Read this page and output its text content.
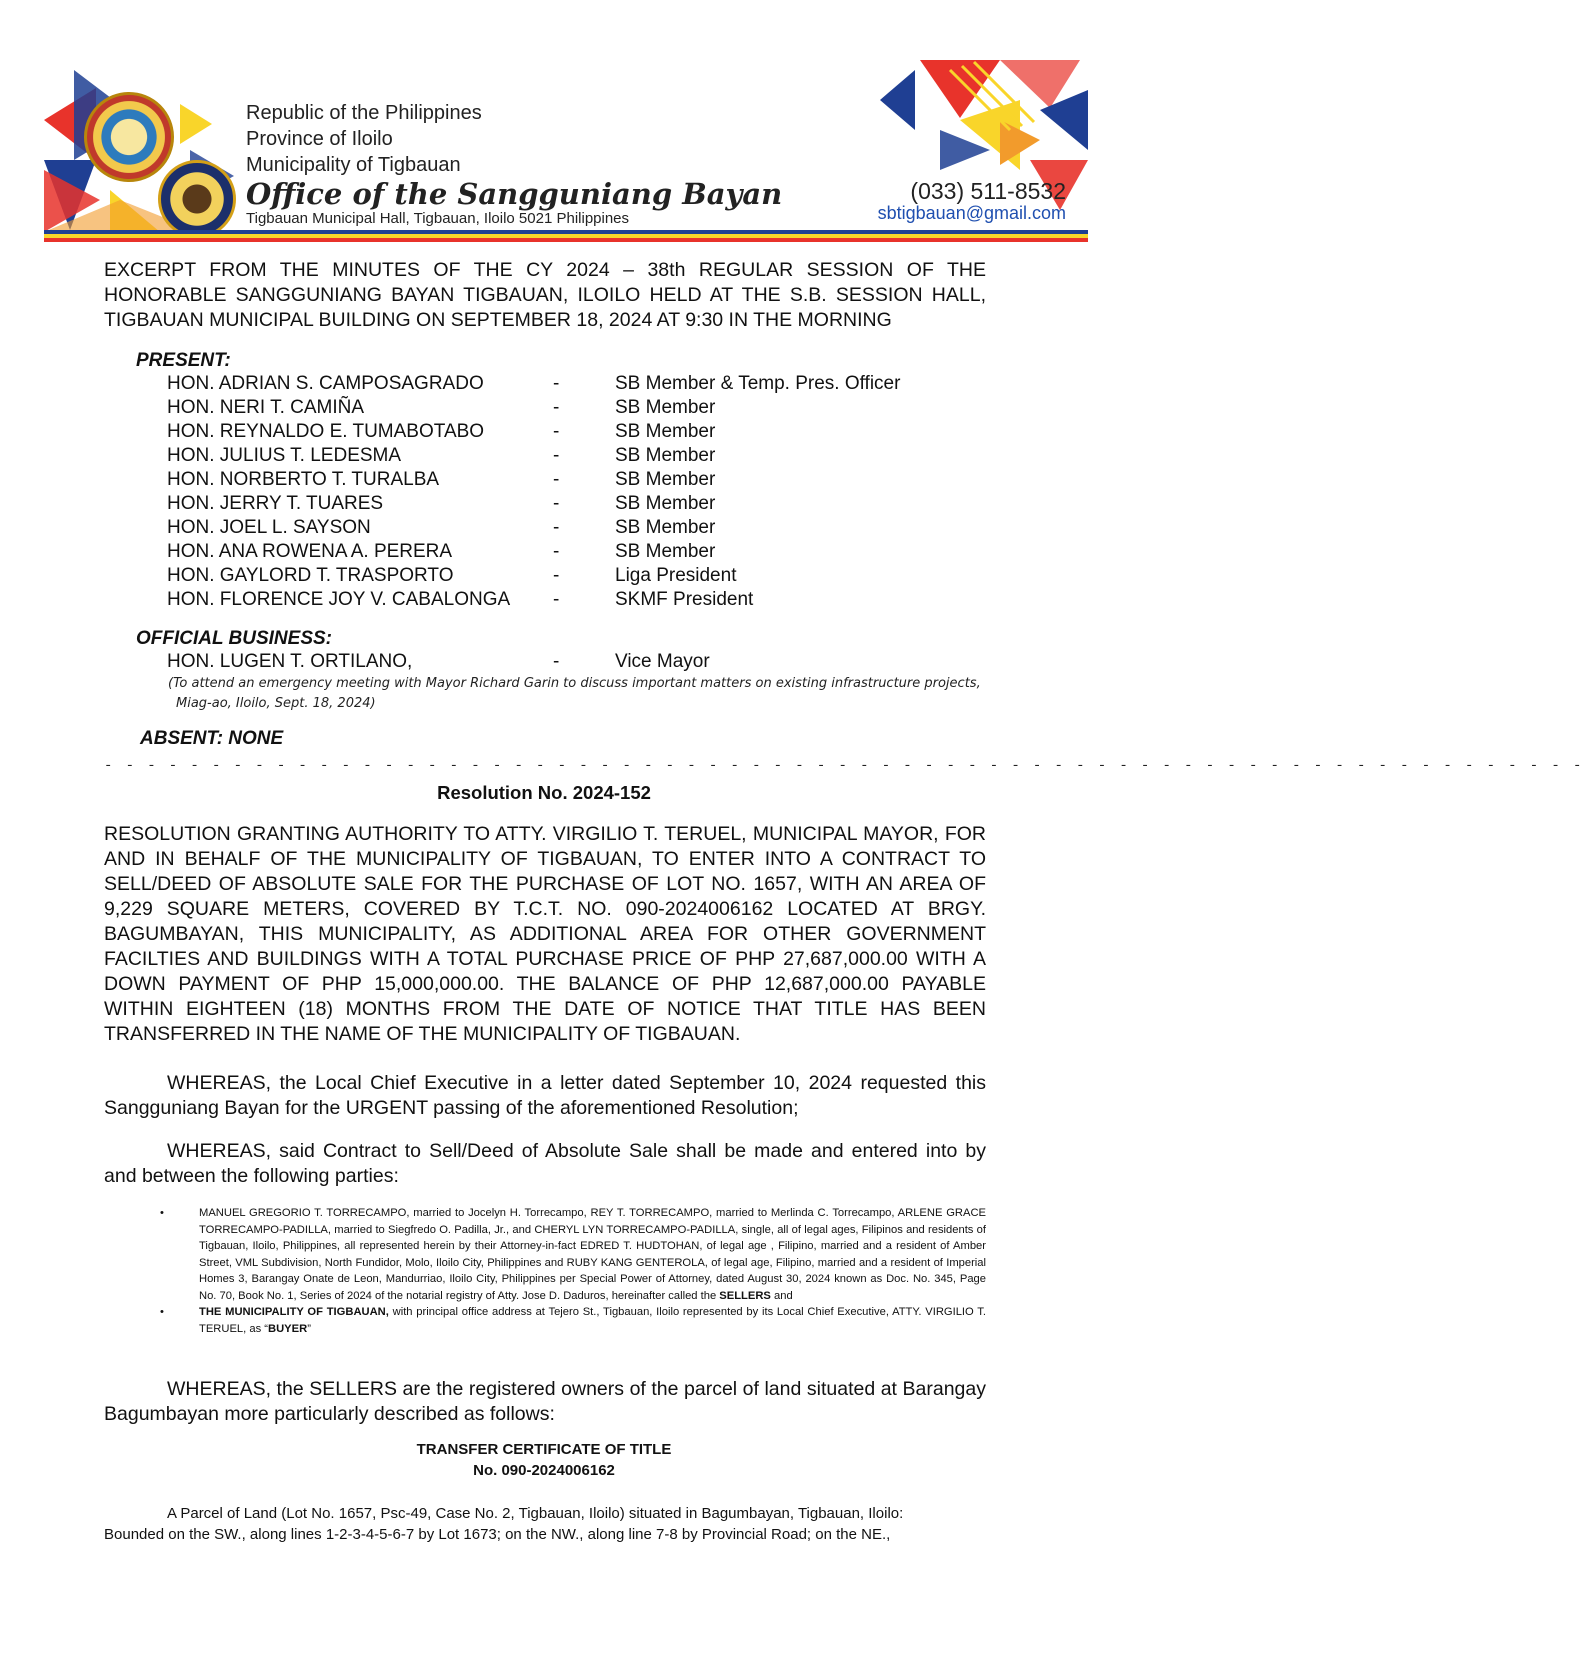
Republic of the Philippines
Province of Iloilo
Municipality of Tigbauan
Office of the Sangguniang Bayan
Tigbauan Municipal Hall, Tigbauan, Iloilo 5021 Philippines
(033) 511-8532
sbtigbauan@gmail.com

EXCERPT FROM THE MINUTES OF THE CY 2024 – 38th REGULAR SESSION OF THE HONORABLE SANGGUNIANG BAYAN TIGBAUAN, ILOILO HELD AT THE S.B. SESSION HALL, TIGBAUAN MUNICIPAL BUILDING ON SEPTEMBER 18, 2024 AT 9:30 IN THE MORNING

PRESENT:
HON. ADRIAN S. CAMPOSAGRADO	-	SB Member & Temp. Pres. Officer
HON. NERI T. CAMIÑA	-	SB Member
HON. REYNALDO E. TUMABOTABO	-	SB Member
HON. JULIUS T. LEDESMA	-	SB Member
HON. NORBERTO T. TURALBA	-	SB Member
HON. JERRY T. TUARES	-	SB Member
HON. JOEL L. SAYSON	-	SB Member
HON. ANA ROWENA A. PERERA	-	SB Member
HON. GAYLORD T. TRASPORTO	-	Liga President
HON. FLORENCE JOY V. CABALONGA -	SKMF President
OFFICIAL BUSINESS:
HON. LUGEN T. ORTILANO,	-	Vice Mayor
(To attend an emergency meeting with Mayor Richard Garin to discuss important matters on existing infrastructure projects,
Miag-ao, Iloilo, Sept. 18, 2024)
ABSENT: NONE
- - - - - - - - - - - - - - - - - - - - - - - - - - - - - - - - - - - - - - - - - - - - - - - - - - - - - - - - - - - - - - - - - - - - -
Resolution No. 2024-152

RESOLUTION GRANTING AUTHORITY TO ATTY. VIRGILIO T. TERUEL, MUNICIPAL MAYOR, FOR AND IN BEHALF OF THE MUNICIPALITY OF TIGBAUAN, TO ENTER INTO A CONTRACT TO SELL/DEED OF ABSOLUTE SALE FOR THE PURCHASE OF LOT NO. 1657, WITH AN AREA OF 9,229 SQUARE METERS, COVERED BY T.C.T. NO. 090-2024006162 LOCATED AT BRGY. BAGUMBAYAN, THIS MUNICIPALITY, AS ADDITIONAL AREA FOR OTHER GOVERNMENT FACILTIES AND BUILDINGS WITH A TOTAL PURCHASE PRICE OF PHP 27,687,000.00 WITH A DOWN PAYMENT OF PHP 15,000,000.00. THE BALANCE OF PHP 12,687,000.00 PAYABLE WITHIN EIGHTEEN (18) MONTHS FROM THE DATE OF NOTICE THAT TITLE HAS BEEN TRANSFERRED IN THE NAME OF THE MUNICIPALITY OF TIGBAUAN.

WHEREAS, the Local Chief Executive in a letter dated September 10, 2024 requested this Sangguniang Bayan for the URGENT passing of the aforementioned Resolution;

WHEREAS, said Contract to Sell/Deed of Absolute Sale shall be made and entered into by and between the following parties:

•	MANUEL GREGORIO T. TORRECAMPO, married to Jocelyn H. Torrecampo, REY T. TORRECAMPO, married to Merlinda C. Torrecampo, ARLENE GRACE TORRECAMPO-PADILLA, married to Siegfredo O. Padilla, Jr., and CHERYL LYN TORRECAMPO-PADILLA, single, all of legal ages, Filipinos and residents of Tigbauan, Iloilo, Philippines, all represented herein by their Attorney-in-fact EDRED T. HUDTOHAN, of legal age , Filipino, married and a resident of Amber Street, VML Subdivision, North Fundidor, Molo, Iloilo City, Philippines and RUBY KANG GENTEROLA, of legal age, Filipino, married and a resident of Imperial Homes 3, Barangay Onate de Leon, Mandurriao, Iloilo City, Philippines per Special Power of Attorney, dated August 30, 2024 known as Doc. No. 345, Page No. 70, Book No. 1, Series of 2024 of the notarial registry of Atty. Jose D. Daduros, hereinafter called the SELLERS and
•	THE MUNICIPALITY OF TIGBAUAN, with principal office address at Tejero St., Tigbauan, Iloilo represented by its Local Chief Executive, ATTY. VIRGILIO T. TERUEL, as “BUYER”

WHEREAS, the SELLERS are the registered owners of the parcel of land situated at Barangay Bagumbayan more particularly described as follows:

TRANSFER CERTIFICATE OF TITLE
No. 090-2024006162
A Parcel of Land (Lot No. 1657, Psc-49, Case No. 2, Tigbauan, Iloilo) situated in Bagumbayan, Tigbauan, Iloilo:
Bounded on the SW., along lines 1-2-3-4-5-6-7 by Lot 1673; on the NW., along line 7-8 by Provincial Road; on the NE.,
